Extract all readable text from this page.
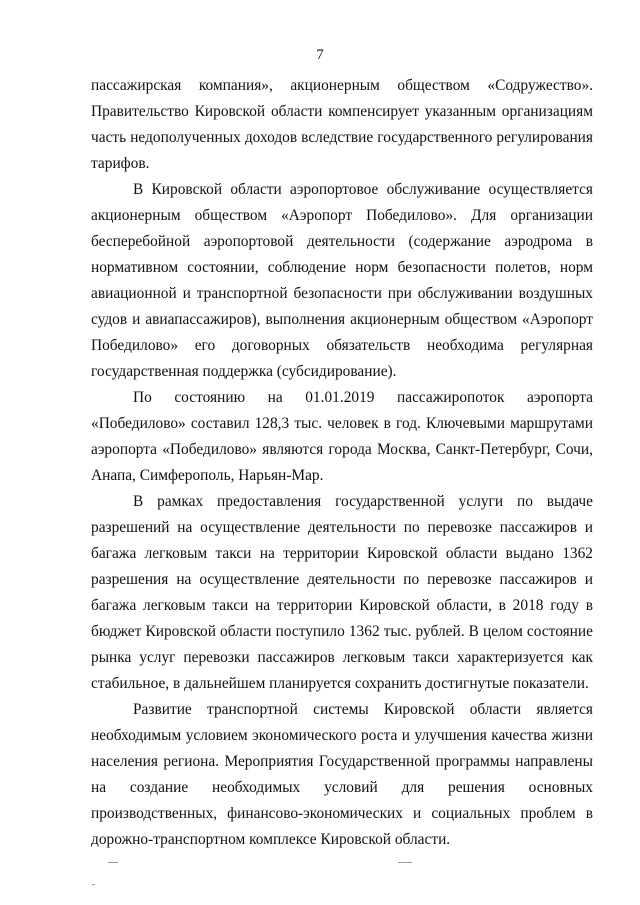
7

пассажирская компания», акционерным обществом «Содружество». Правительство Кировской области компенсирует указанным организациям часть недополученных доходов вследствие государственного регулирования тарифов.

В Кировской области аэропортовое обслуживание осуществляется акционерным обществом «Аэропорт Победилово». Для организации бесперебойной аэропортовой деятельности (содержание аэродрома в нормативном состоянии, соблюдение норм безопасности полетов, норм авиационной и транспортной безопасности при обслуживании воздушных судов и авиапассажиров), выполнения акционерным обществом «Аэропорт Победилово» его договорных обязательств необходима регулярная государственная поддержка (субсидирование).

По состоянию на 01.01.2019 пассажиропоток аэропорта «Победилово» составил 128,3 тыс. человек в год. Ключевыми маршрутами аэропорта «Победилово» являются города Москва, Санкт-Петербург, Сочи, Анапа, Симферополь, Нарьян-Мар.

В рамках предоставления государственной услуги по выдаче разрешений на осуществление деятельности по перевозке пассажиров и багажа легковым такси на территории Кировской области выдано 1362 разрешения на осуществление деятельности по перевозке пассажиров и багажа легковым такси на территории Кировской области, в 2018 году в бюджет Кировской области поступило 1362 тыс. рублей. В целом состояние рынка услуг перевозки пассажиров легковым такси характеризуется как стабильное, в дальнейшем планируется сохранить достигнутые показатели.

Развитие транспортной системы Кировской области является необходимым условием экономического роста и улучшения качества жизни населения региона. Мероприятия Государственной программы направлены на создание необходимых условий для решения основных производственных, финансово-экономических и социальных проблем в дорожно-транспортном комплексе Кировской области.
